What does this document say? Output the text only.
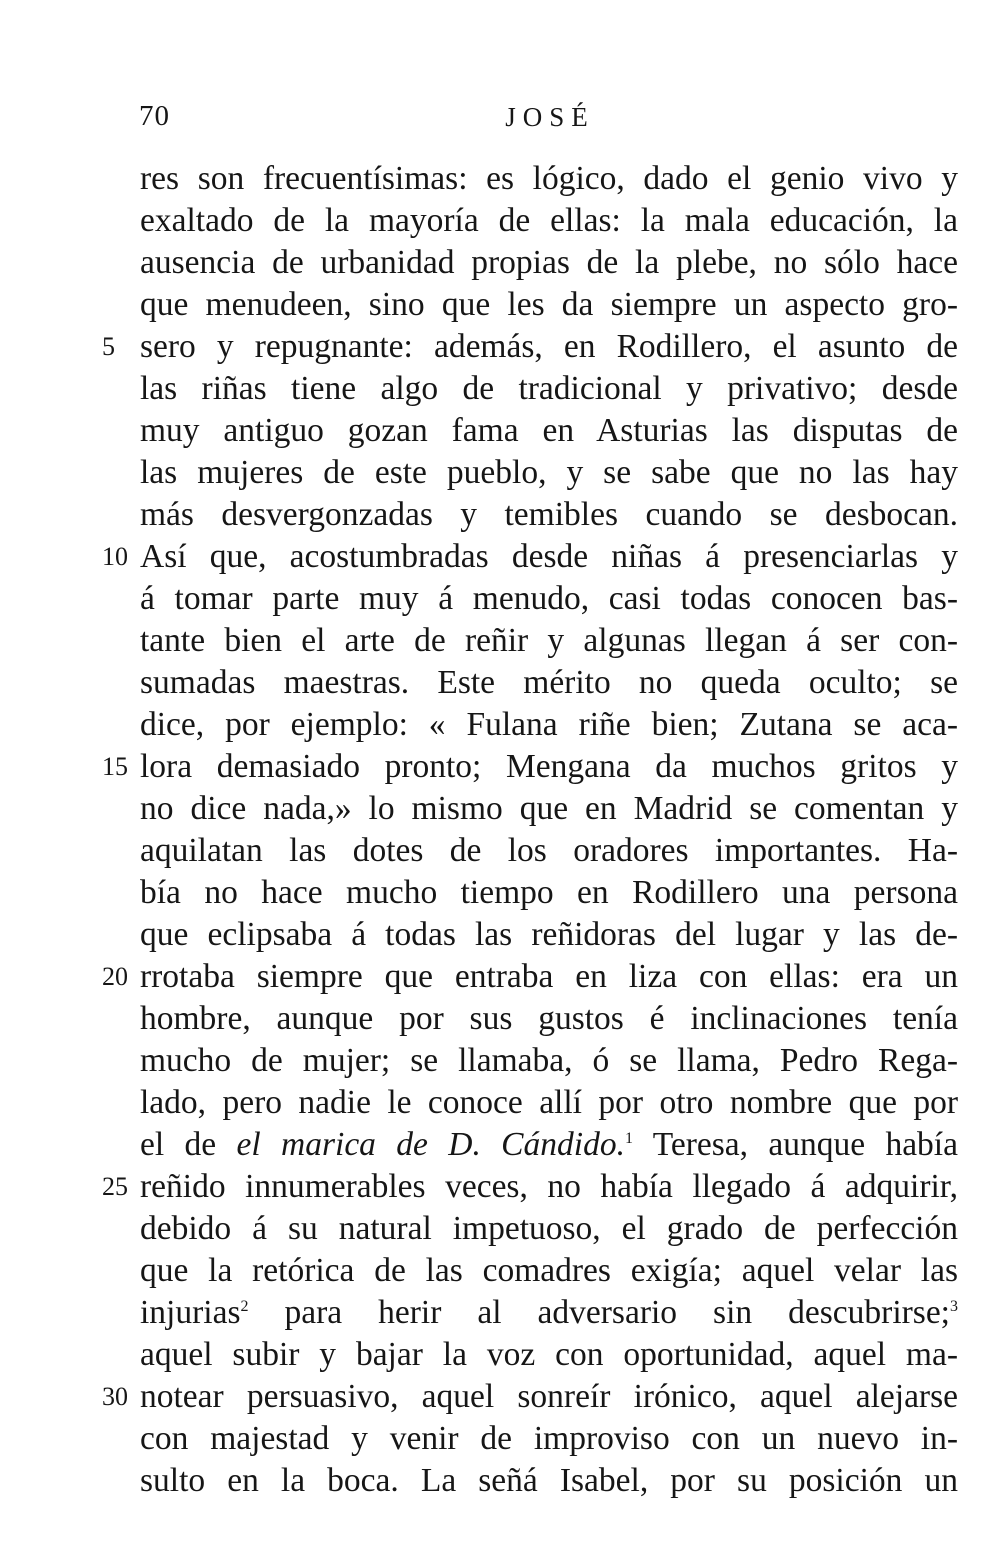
70	JOSÉ
5
10
15
20
25
30
res son frecuentísimas: es lógico, dado el genio vivo y
exaltado de la mayoría de ellas: la mala educación, la
ausencia de urbanidad propias de la plebe, no sólo hace
que menudeen, sino que les da siempre un aspecto gro-
sero y repugnante: además, en Rodillero, el asunto de
las riñas tiene algo de tradicional y privativo; desde
muy antiguo gozan fama en Asturias las disputas de
las mujeres de este pueblo, y se sabe que no las hay
más desvergonzadas y temibles cuando se desbocan.
Así que, acostumbradas desde niñas á presenciarlas y
á tomar parte muy á menudo, casi todas conocen bas-
tante bien el arte de reñir y algunas llegan á ser con-
sumadas maestras. Este mérito no queda oculto; se
dice, por ejemplo: « Fulana riñe bien; Zutana se aca-
lora demasiado pronto; Mengana da muchos gritos y
no dice nada,» lo mismo que en Madrid se comentan y
aquilatan las dotes de los oradores importantes. Ha-
bía no hace mucho tiempo en Rodillero una persona
que eclipsaba á todas las reñidoras del lugar y las de-
rrotaba siempre que entraba en liza con ellas: era un
hombre, aunque por sus gustos é inclinaciones tenía
mucho de mujer; se llamaba, ó se llama, Pedro Rega-
lado, pero nadie le conoce allí por otro nombre que por
el de el marica de D. Cándido.$^1$ Teresa, aunque había
reñido innumerables veces, no había llegado á adquirir,
debido á su natural impetuoso, el grado de perfección
que la retórica de las comadres exigía; aquel velar las
injurias$^2$ para herir al adversario sin descubrirse;$^3$
aquel subir y bajar la voz con oportunidad, aquel ma-
notear persuasivo, aquel sonreír irónico, aquel alejarse
con majestad y venir de improviso con un nuevo in-
sulto en la boca. La señá Isabel, por su posición un
